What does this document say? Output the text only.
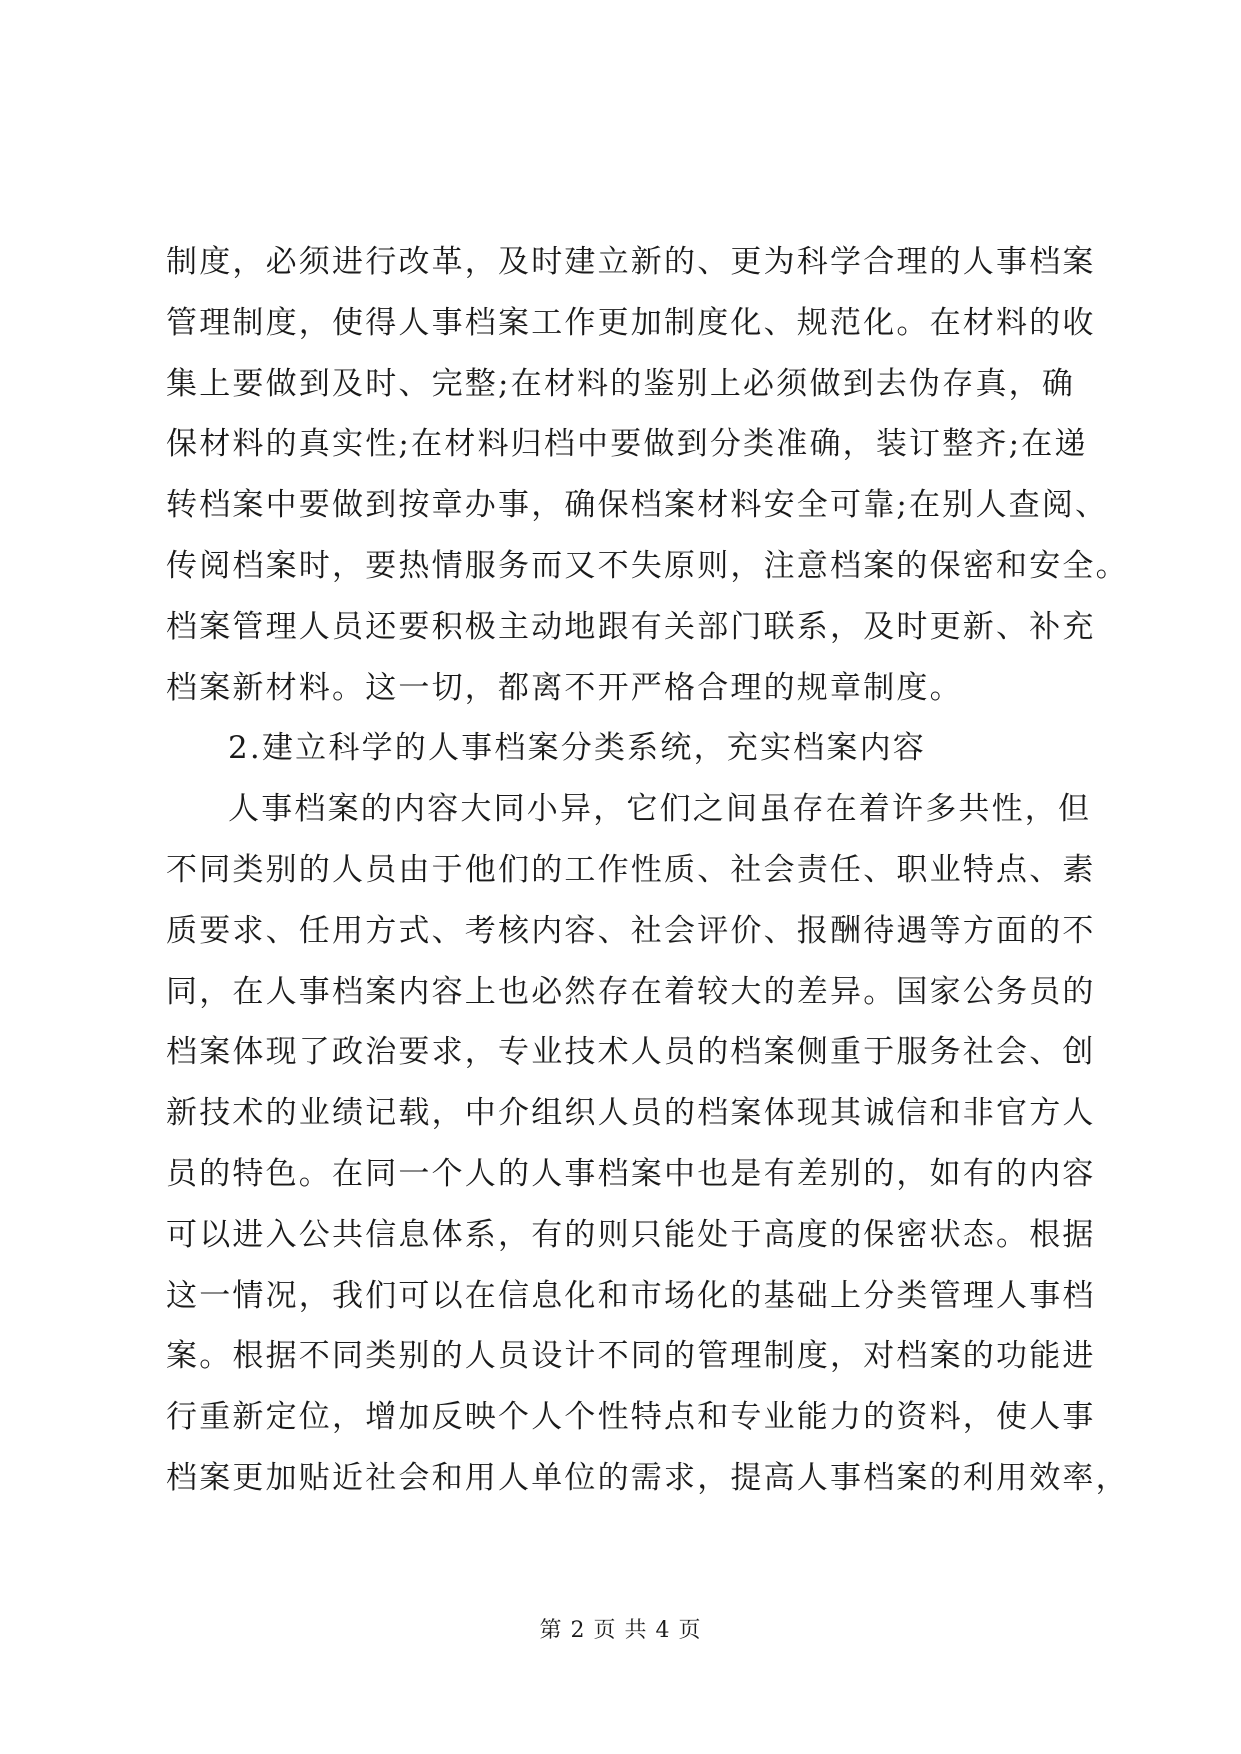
制度，必须进行改革，及时建立新的、更为科学合理的人事档案
管理制度，使得人事档案工作更加制度化、规范化。在材料的收
集上要做到及时、完整;在材料的鉴别上必须做到去伪存真，确
保材料的真实性;在材料归档中要做到分类准确，装订整齐;在递
转档案中要做到按章办事，确保档案材料安全可靠;在别人查阅、
传阅档案时，要热情服务而又不失原则，注意档案的保密和安全。
档案管理人员还要积极主动地跟有关部门联系，及时更新、补充
档案新材料。这一切，都离不开严格合理的规章制度。
2.建立科学的人事档案分类系统，充实档案内容
人事档案的内容大同小异，它们之间虽存在着许多共性，但
不同类别的人员由于他们的工作性质、社会责任、职业特点、素
质要求、任用方式、考核内容、社会评价、报酬待遇等方面的不
同，在人事档案内容上也必然存在着较大的差异。国家公务员的
档案体现了政治要求，专业技术人员的档案侧重于服务社会、创
新技术的业绩记载，中介组织人员的档案体现其诚信和非官方人
员的特色。在同一个人的人事档案中也是有差别的，如有的内容
可以进入公共信息体系，有的则只能处于高度的保密状态。根据
这一情况，我们可以在信息化和市场化的基础上分类管理人事档
案。根据不同类别的人员设计不同的管理制度，对档案的功能进
行重新定位，增加反映个人个性特点和专业能力的资料，使人事
档案更加贴近社会和用人单位的需求，提高人事档案的利用效率，
第 2 页 共 4 页
